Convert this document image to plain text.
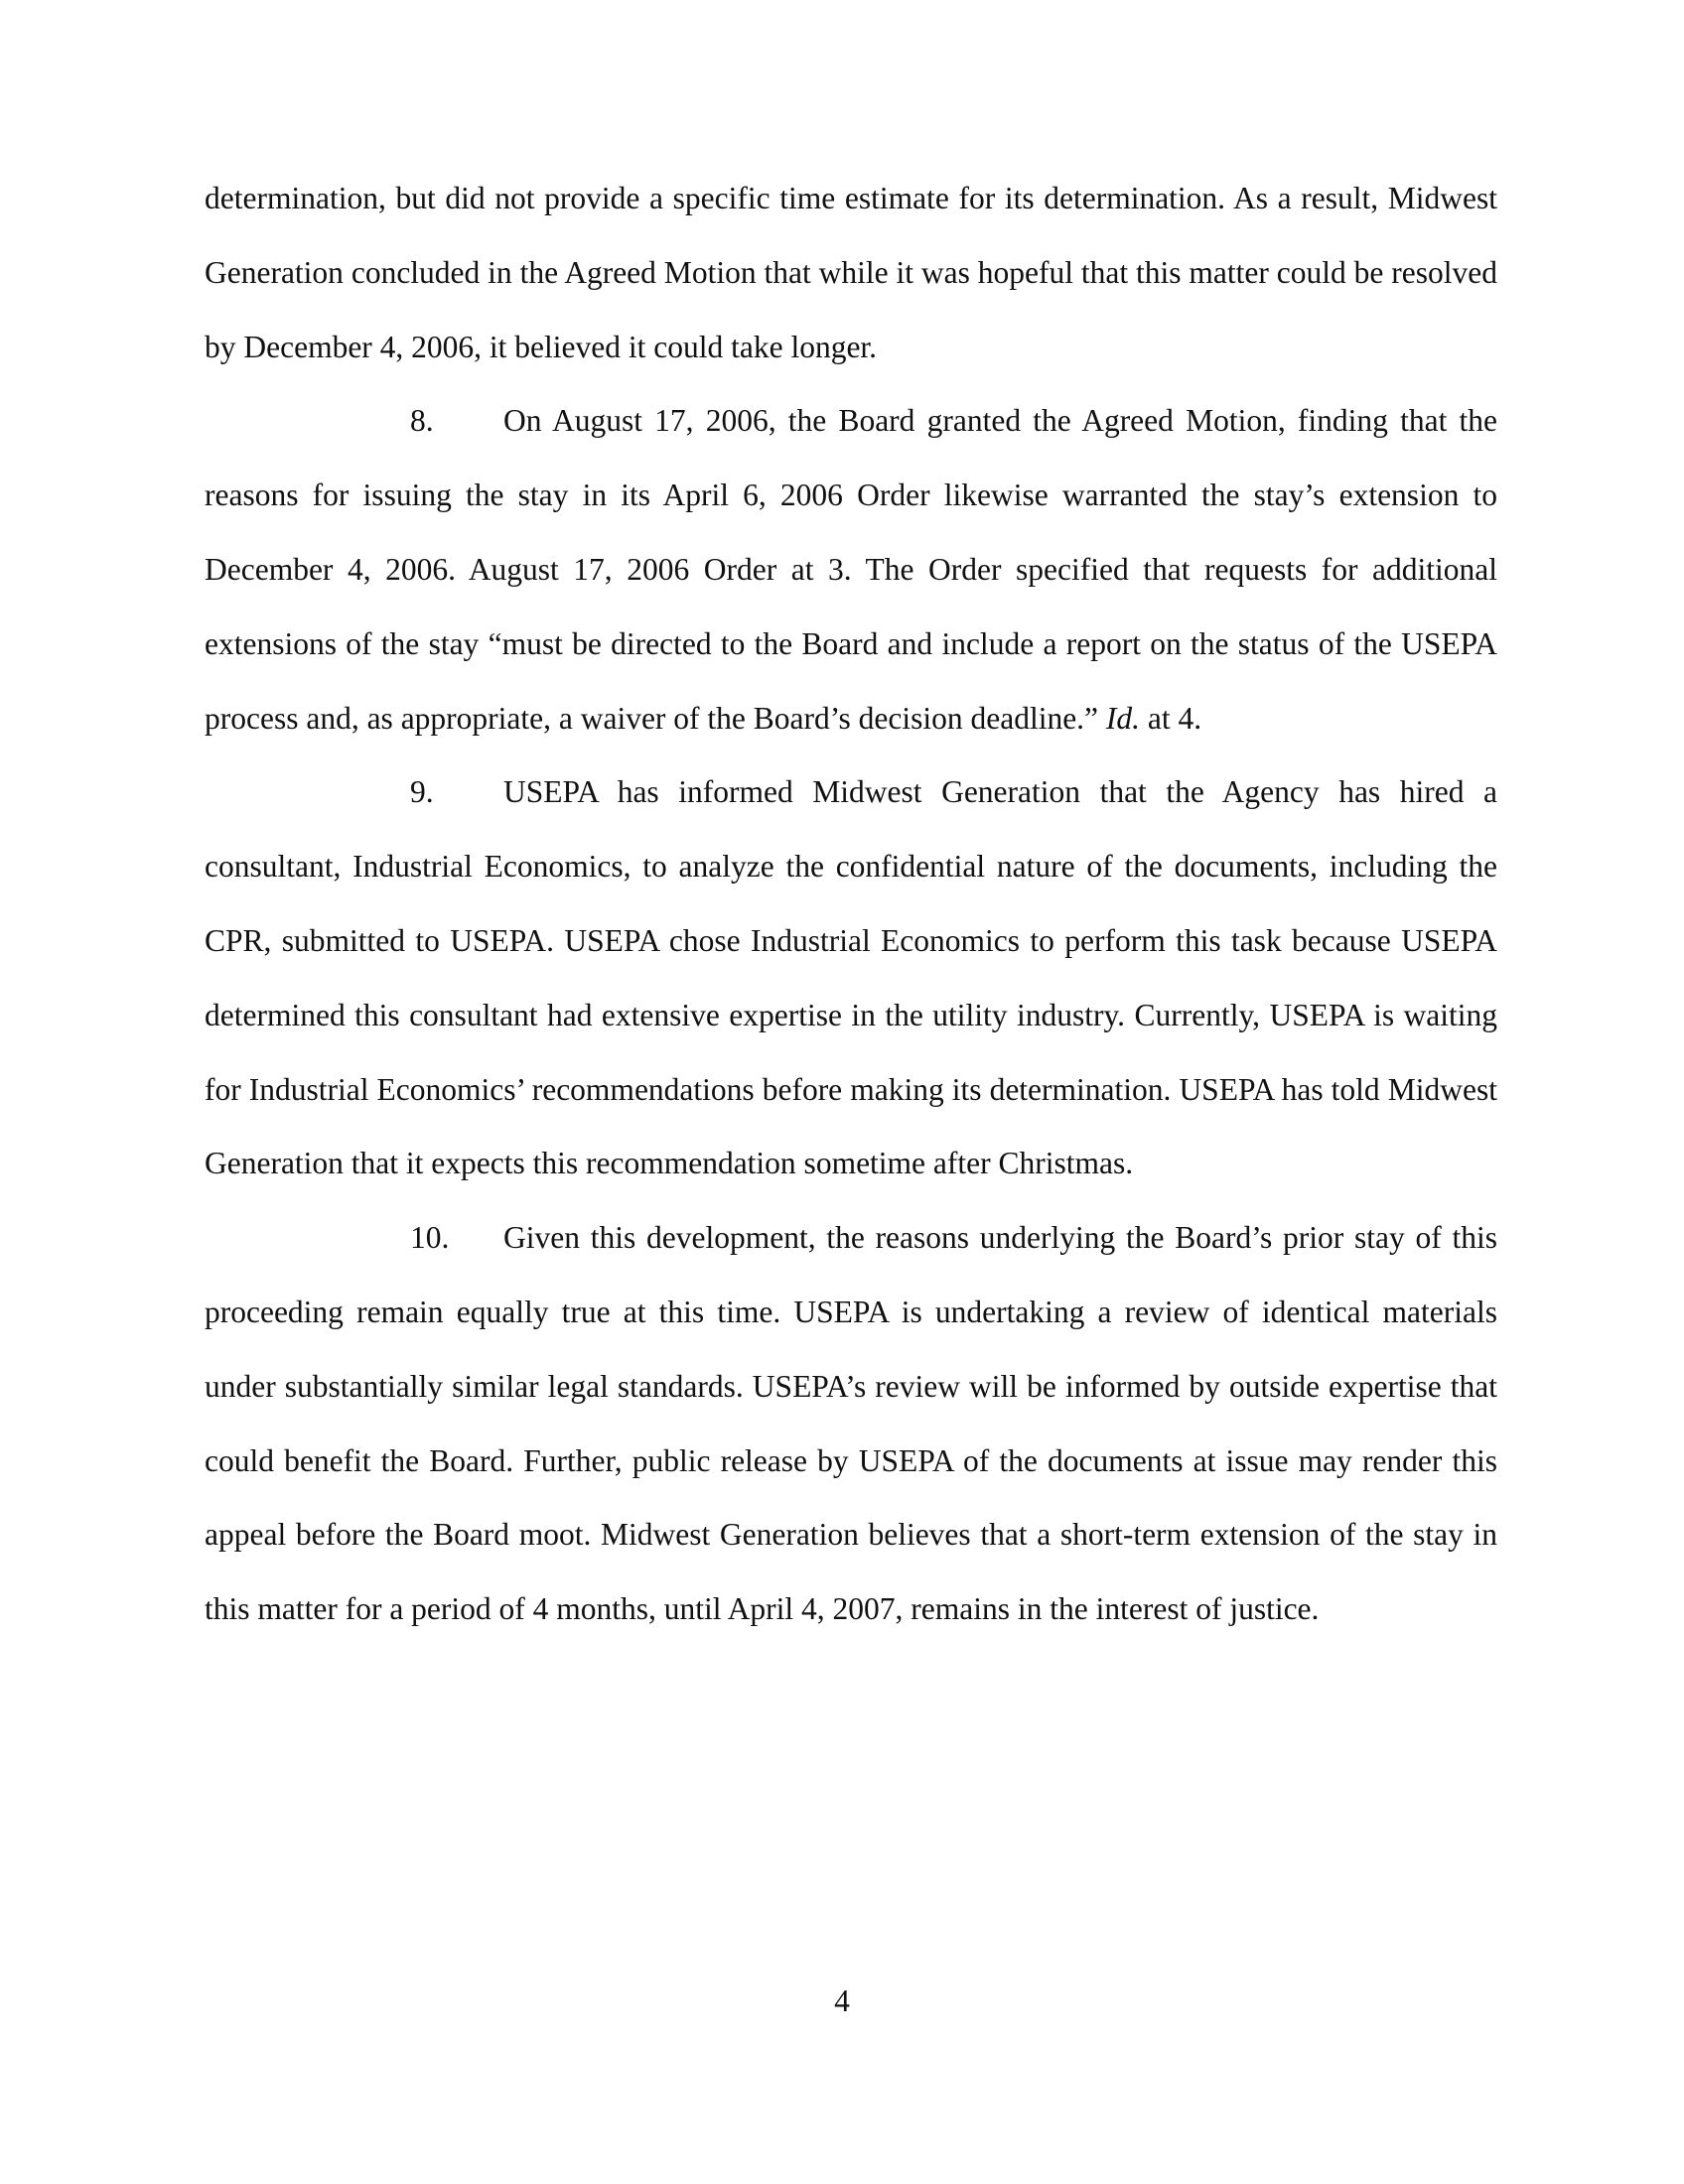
determination, but did not provide a specific time estimate for its determination. As a result, Midwest Generation concluded in the Agreed Motion that while it was hopeful that this matter could be resolved by December 4, 2006, it believed it could take longer.

8. On August 17, 2006, the Board granted the Agreed Motion, finding that the reasons for issuing the stay in its April 6, 2006 Order likewise warranted the stay’s extension to December 4, 2006. August 17, 2006 Order at 3. The Order specified that requests for additional extensions of the stay “must be directed to the Board and include a report on the status of the USEPA process and, as appropriate, a waiver of the Board’s decision deadline.” Id. at 4.

9. USEPA has informed Midwest Generation that the Agency has hired a consultant, Industrial Economics, to analyze the confidential nature of the documents, including the CPR, submitted to USEPA. USEPA chose Industrial Economics to perform this task because USEPA determined this consultant had extensive expertise in the utility industry. Currently, USEPA is waiting for Industrial Economics’ recommendations before making its determination. USEPA has told Midwest Generation that it expects this recommendation sometime after Christmas.

10. Given this development, the reasons underlying the Board’s prior stay of this proceeding remain equally true at this time. USEPA is undertaking a review of identical materials under substantially similar legal standards. USEPA’s review will be informed by outside expertise that could benefit the Board. Further, public release by USEPA of the documents at issue may render this appeal before the Board moot. Midwest Generation believes that a short-term extension of the stay in this matter for a period of 4 months, until April 4, 2007, remains in the interest of justice.

4
